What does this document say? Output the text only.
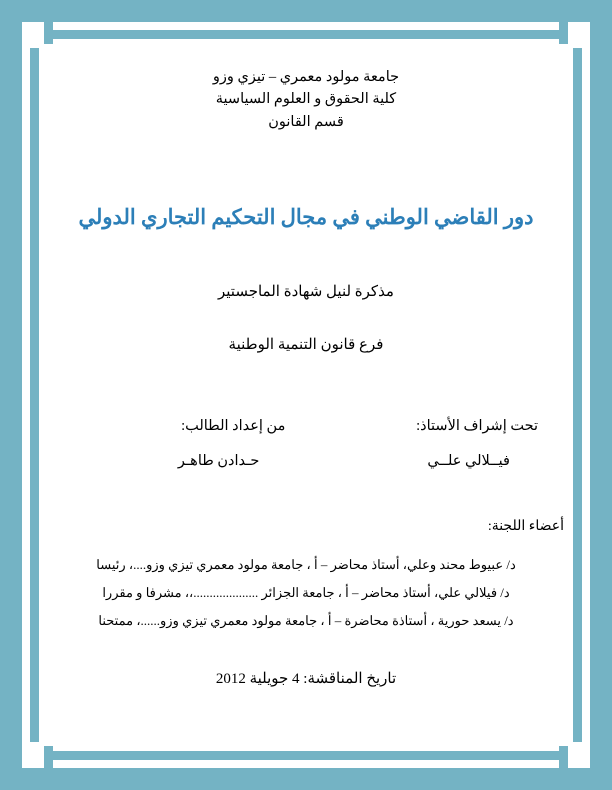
جامعة مولود معمري – تيزي وزو
كلية الحقوق و العلوم السياسية
قسم القانون
دور القاضي الوطني في مجال التحكيم التجاري الدولي
مذكرة لنيل شهادة الماجستير
فرع قانون التنمية الوطنية
تحت إشراف الأستاذ:
فيــلالي علــي
من إعداد الطالب:
حـدادن طاهـر
أعضاء اللجنة:
د/ عبيوط محند وعلي، أستاذ محاضر – أ ، جامعة مولود معمري تيزي وزو....، رئيسا
د/ فيلالي علي، أستاذ محاضر – أ ، جامعة الجزائر ....................،، مشرفا و مقررا
د/ يسعد حورية ، أستاذة محاضرة – أ ، جامعة مولود معمري تيزي وزو......، ممتحنا
تاريخ المناقشة: 4 جويلية 2012
